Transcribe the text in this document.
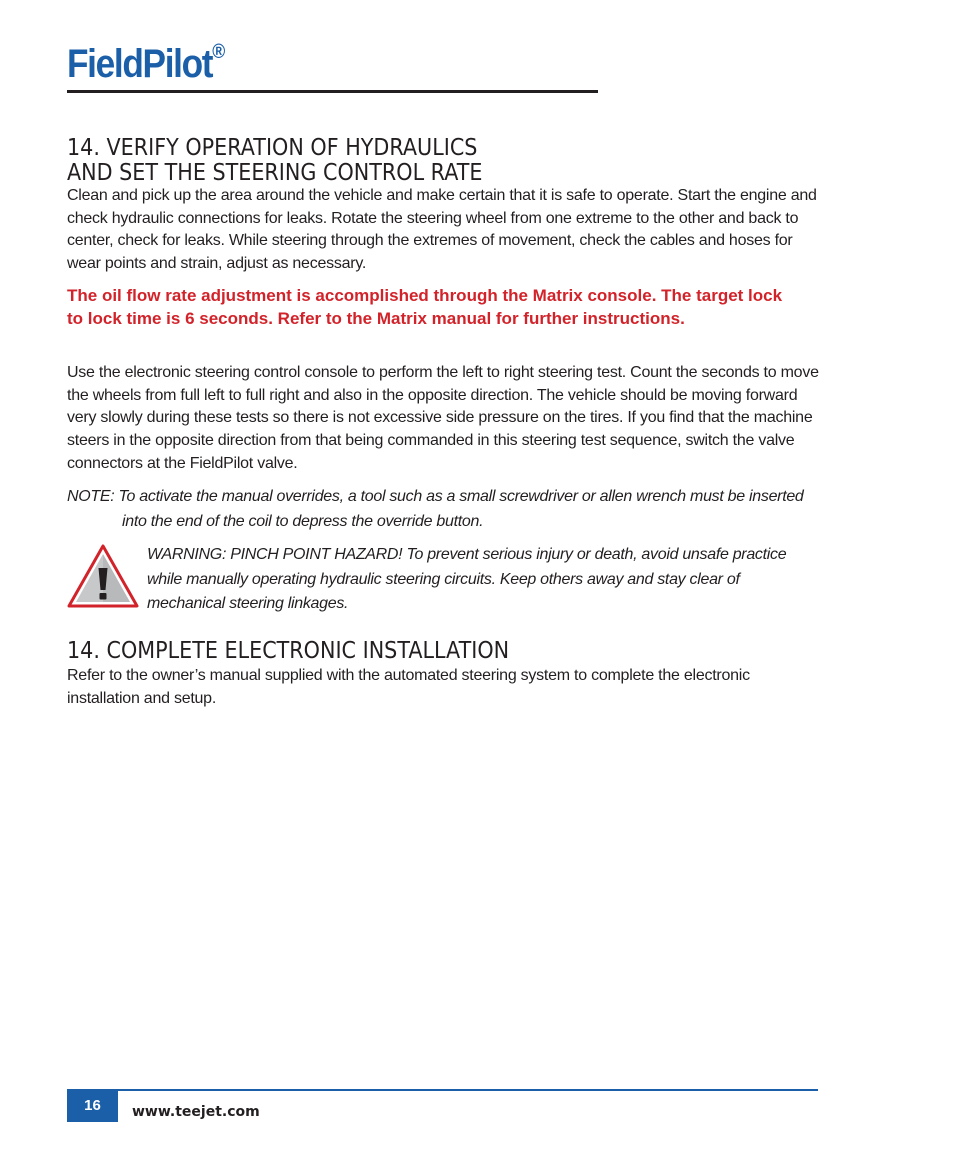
FieldPilot®
14. VERIFY OPERATION OF HYDRAULICS
AND SET THE STEERING CONTROL RATE

Clean and pick up the area around the vehicle and make certain that it is safe to operate. Start the engine and check hydraulic connections for leaks. Rotate the steering wheel from one extreme to the other and back to center, check for leaks. While steering through the extremes of movement, check the cables and hoses for wear points and strain, adjust as necessary.

The oil flow rate adjustment is accomplished through the Matrix console. The target lock to lock time is 6 seconds. Refer to the Matrix manual for further instructions.

Use the electronic steering control console to perform the left to right steering test. Count the seconds to move the wheels from full left to full right and also in the opposite direction. The vehicle should be moving forward very slowly during these tests so there is not excessive side pressure on the tires. If you find that the machine steers in the opposite direction from that being commanded in this steering test sequence, switch the valve connectors at the FieldPilot valve.

NOTE: To activate the manual overrides, a tool such as a small screwdriver or allen wrench must be inserted
into the end of the coil to depress the override button.

WARNING: PINCH POINT HAZARD! To prevent serious injury or death, avoid unsafe practice while manually operating hydraulic steering circuits. Keep others away and stay clear of mechanical steering linkages.

14. COMPLETE ELECTRONIC INSTALLATION

Refer to the owner’s manual supplied with the automated steering system to complete the electronic installation and setup.

16	www.teejet.com
